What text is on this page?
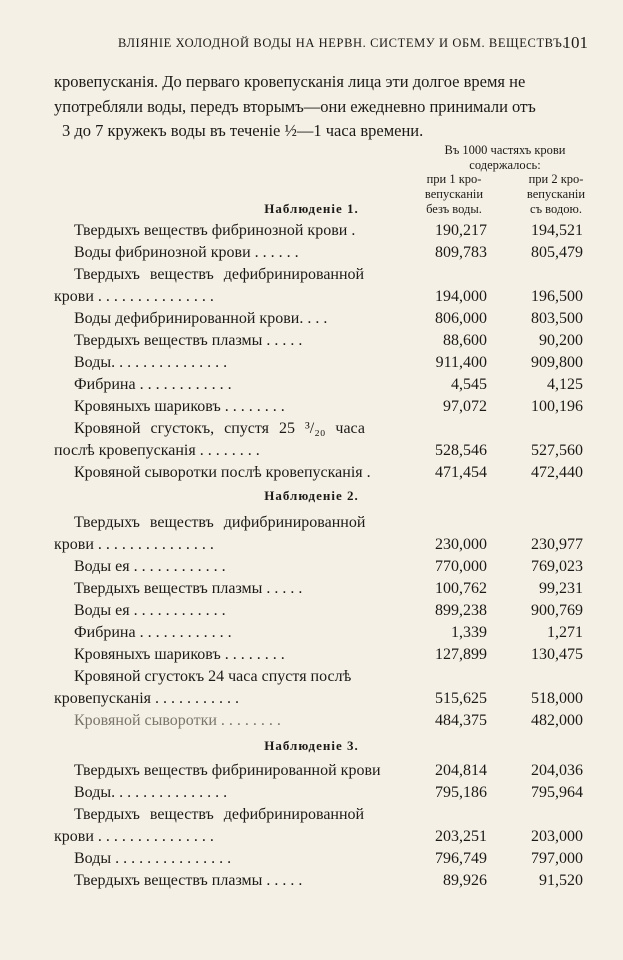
ВЛІЯНІЕ ХОЛОДНОЙ ВОДЫ НА НЕРВН. СИСТЕМУ И ОБМ. ВЕЩЕСТВЪ.
101
кровепусканія. До перваго кровепусканія лица эти долгое время не
употребляли воды, передъ вторымъ—они ежедневно принимали отъ
3 до 7 кружекъ воды въ теченіе ½—1 часа времени.
Въ 1000 частяхъ крови
содержалось:
при 1 кро-
вепусканіи
безъ воды.
при 2 кро-
вепусканіи
съ водою.
Наблюденіе 1.
Твердыхъ веществъ фибринозной крови .	190,217	194,521
Воды фибринозной крови . . . . . .	809,783	805,479
Твердыхъ веществъ дефибринированной
крови . . . . . . . . . . . . . . .	194,000	196,500
Воды дефибринированной крови. . . .	806,000	803,500
Твердыхъ веществъ плазмы . . . . .	88,600	90,200
Воды. . . . . . . . . . . . . . .	911,400	909,800
Фибрина . . . . . . . . . . . .	4,545	4,125
Кровяныхъ шариковъ . . . . . . . .	97,072	100,196
Кровяной сгустокъ, спустя 25 ³/₂₀ часа
послѣ кровепусканія . . . . . . . .	528,546	527,560
Кровяной сыворотки послѣ кровепусканія .	471,454	472,440
Наблюденіе 2.
Твердыхъ веществъ дифибринированной
крови . . . . . . . . . . . . . . .	230,000	230,977
Воды ея . . . . . . . . . . . .	770,000	769,023
Твердыхъ веществъ плазмы . . . . .	100,762	99,231
Воды ея . . . . . . . . . . . .	899,238	900,769
Фибрина . . . . . . . . . . . .	1,339	1,271
Кровяныхъ шариковъ . . . . . . . .	127,899	130,475
Кровяной сгустокъ 24 часа спустя послѣ
кровепусканія . . . . . . . . . . .	515,625	518,000
Кровяной сыворотки . . . . . . . .	484,375	482,000
Наблюденіе 3.
Твердыхъ веществъ фибринированной крови	204,814	204,036
Воды. . . . . . . . . . . . . . .	795,186	795,964
Твердыхъ веществъ дефибринированной
крови . . . . . . . . . . . . . . .	203,251	203,000
Воды . . . . . . . . . . . . . . .	796,749	797,000
Твердыхъ веществъ плазмы . . . . .	89,926	91,520
